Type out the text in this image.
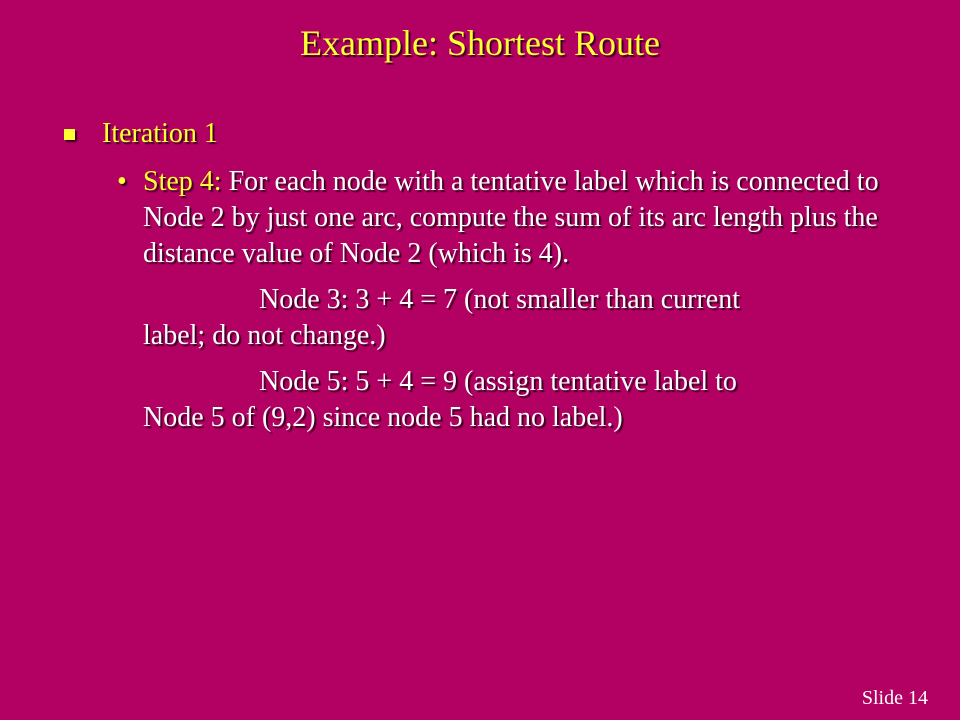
Example: Shortest Route
Iteration 1
• Step 4: For each node with a tentative label which is connected to Node 2 by just one arc, compute the sum of its arc length plus the distance value of Node 2 (which is 4).
Node 3: 3 + 4 = 7 (not smaller than current
label; do not change.)
Node 5: 5 + 4 = 9 (assign tentative label to
Node 5 of (9,2) since node 5 had no label.)
Slide 14
